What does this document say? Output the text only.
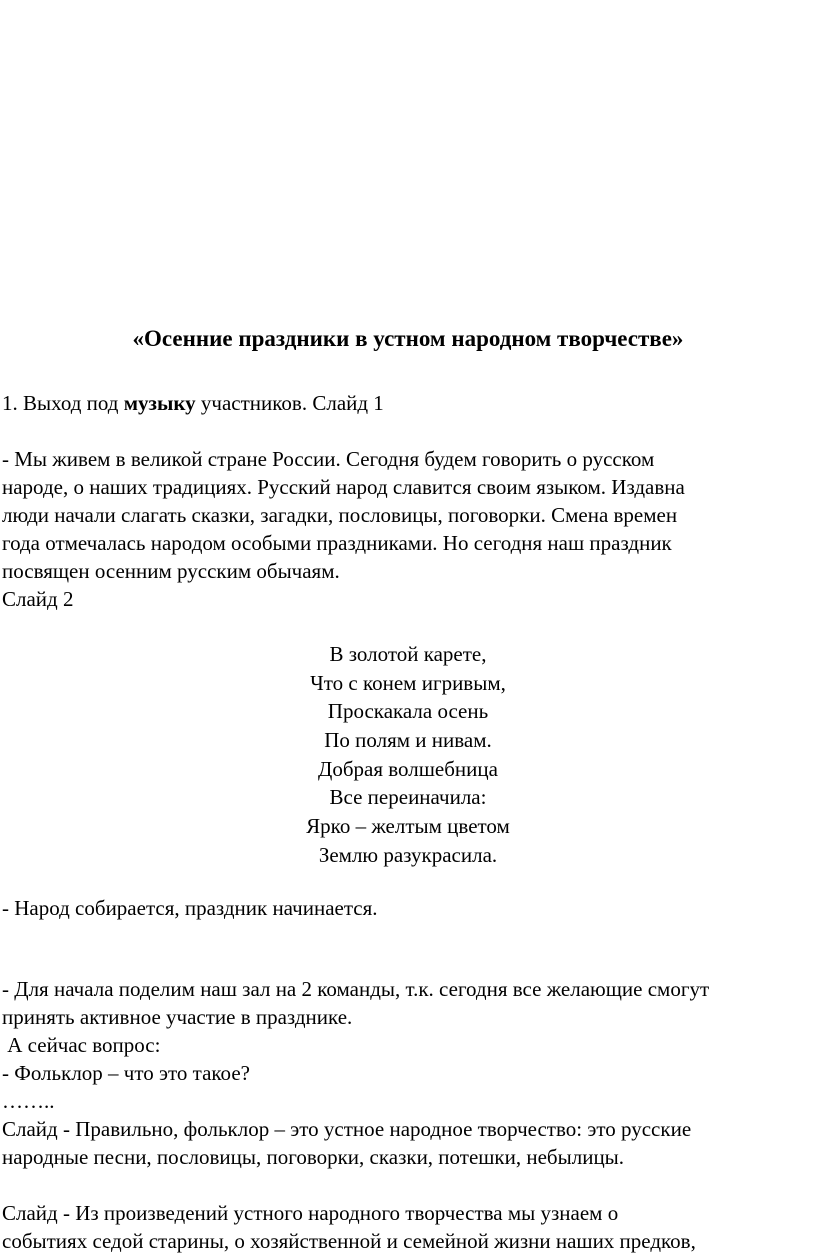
«Осенние праздники в устном народном творчестве»
1. Выход под музыку участников. Слайд 1
- Мы живем в великой стране России. Сегодня будем говорить о русском
народе, о наших традициях. Русский народ славится своим языком. Издавна
люди начали слагать сказки, загадки, пословицы, поговорки. Смена времен
года отмечалась народом особыми праздниками. Но сегодня наш праздник
посвящен осенним русским обычаям.
Слайд 2
В золотой карете,
Что с конем игривым,
Проскакала осень
По полям и нивам.
Добрая волшебница
Все переиначила:
Ярко – желтым цветом
Землю разукрасила.
- Народ собирается, праздник начинается.
- Для начала поделим наш зал на 2 команды, т.к. сегодня все желающие смогут
принять активное участие в празднике.
А сейчас вопрос:
- Фольклор – что это такое?
……..
Слайд - Правильно, фольклор – это устное народное творчество: это русские
народные песни, пословицы, поговорки, сказки, потешки, небылицы.
Слайд - Из произведений устного народного творчества мы узнаем о
событиях седой старины, о хозяйственной и семейной жизни наших предков,
